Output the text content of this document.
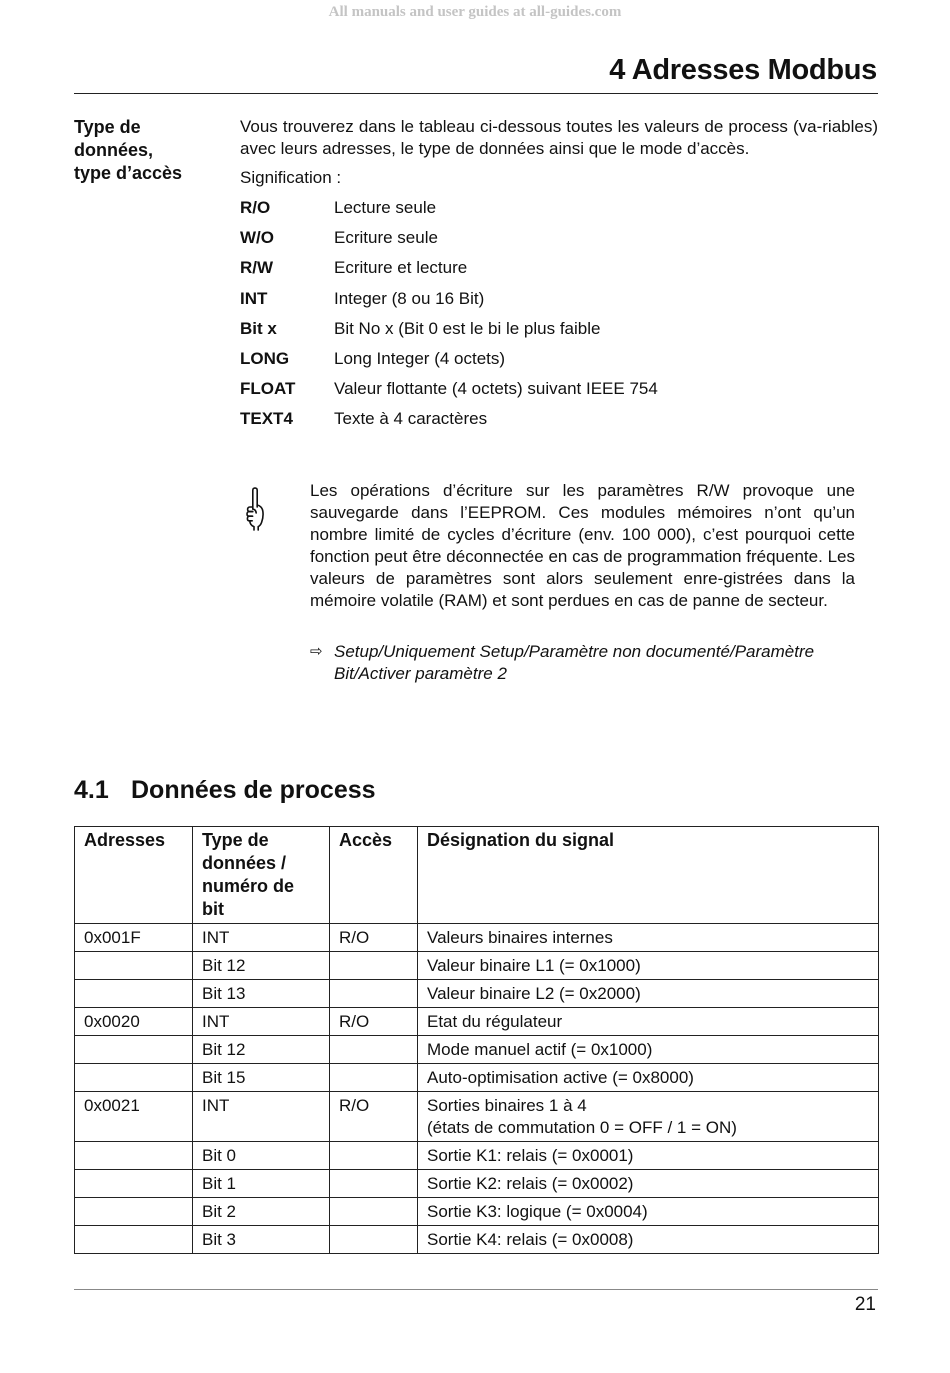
All manuals and user guides at all-guides.com
4 Adresses Modbus
Type de
données,
type d’accès
Vous trouverez dans le tableau ci-dessous toutes les valeurs de process (va-riables) avec leurs adresses, le type de données ainsi que le mode d’accès.
Signification :
R/O	Lecture seule
W/O	Ecriture seule
R/W	Ecriture et lecture
INT	Integer (8 ou 16 Bit)
Bit x	Bit No x (Bit 0 est le bi le plus faible
LONG	Long Integer (4 octets)
FLOAT Valeur flottante (4 octets) suivant IEEE 754
TEXT4 Texte à 4 caractères
Les opérations d’écriture sur les paramètres R/W provoque une sauvegarde dans l’EEPROM. Ces modules mémoires n’ont qu’un nombre limité de cycles d’écriture (env. 100 000), c’est pourquoi cette fonction peut être déconnectée en cas de programmation fréquente. Les valeurs de paramètres sont alors seulement enre-gistrées dans la mémoire volatile (RAM) et sont perdues en cas de panne de secteur.
⇨ Setup/Uniquement Setup/Paramètre non documenté/Paramètre Bit/Activer paramètre 2
4.1 Données de process
Adresses	Type de données / numéro de bit	Accès	Désignation du signal
0x001F	INT	R/O	Valeurs binaires internes
	Bit 12		Valeur binaire L1 (= 0x1000)
	Bit 13		Valeur binaire L2 (= 0x2000)
0x0020	INT	R/O	Etat du régulateur
	Bit 12		Mode manuel actif (= 0x1000)
	Bit 15		Auto-optimisation active (= 0x8000)
0x0021	INT	R/O	Sorties binaires 1 à 4
(états de commutation 0 = OFF / 1 = ON)

	Bit 0		Sortie K1: relais (= 0x0001)
	Bit 1		Sortie K2: relais (= 0x0002)
	Bit 2		Sortie K3: logique (= 0x0004)
	Bit 3		Sortie K4: relais (= 0x0008)
21
